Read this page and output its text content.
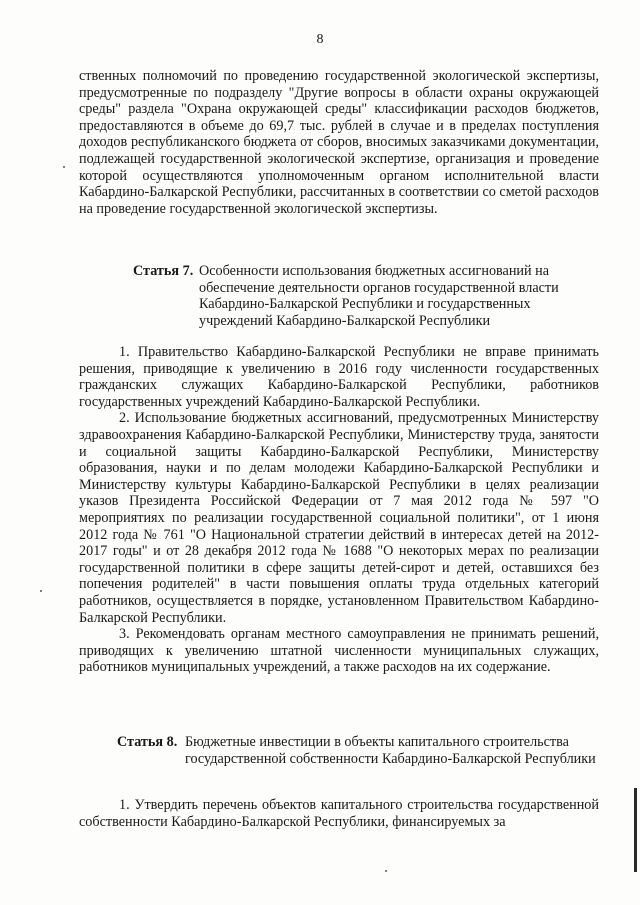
8

ственных полномочий по проведению государственной экологической экспертизы, предусмотренные по подразделу "Другие вопросы в области охраны окружающей среды" раздела "Охрана окружающей среды" классификации расходов бюджетов, предоставляются в объеме до 69,7 тыс. рублей в случае и в пределах поступления доходов республиканского бюджета от сборов, вносимых заказчиками документации, подлежащей государственной экологической экспертизе, организация и проведение которой осуществляются уполномоченным органом исполнительной власти Кабардино-Балкарской Республики, рассчитанных в соответствии со сметой расходов на проведение государственной экологической экспертизы.

Статья 7. Особенности использования бюджетных ассигнований на обеспечение деятельности органов государственной власти Кабардино-Балкарской Республики и государственных учреждений Кабардино-Балкарской Республики

1. Правительство Кабардино-Балкарской Республики не вправе принимать решения, приводящие к увеличению в 2016 году численности государственных гражданских служащих Кабардино-Балкарской Республики, работников государственных учреждений Кабардино-Балкарской Республики.

2. Использование бюджетных ассигнований, предусмотренных Министерству здравоохранения Кабардино-Балкарской Республики, Министерству труда, занятости и социальной защиты Кабардино-Балкарской Республики, Министерству образования, науки и по делам молодежи Кабардино-Балкарской Республики и Министерству культуры Кабардино-Балкарской Республики в целях реализации указов Президента Российской Федерации от 7 мая 2012 года № 597 "О мероприятиях по реализации государственной социальной политики", от 1 июня 2012 года № 761 "О Национальной стратегии действий в интересах детей на 2012-2017 годы" и от 28 декабря 2012 года № 1688 "О некоторых мерах по реализации государственной политики в сфере защиты детей-сирот и детей, оставшихся без попечения родителей" в части повышения оплаты труда отдельных категорий работников, осуществляется в порядке, установленном Правительством Кабардино-Балкарской Республики.

3. Рекомендовать органам местного самоуправления не принимать решений, приводящих к увеличению штатной численности муниципальных служащих, работников муниципальных учреждений, а также расходов на их содержание.

Статья 8. Бюджетные инвестиции в объекты капитального строительства государственной собственности Кабардино-Балкарской Республики

1. Утвердить перечень объектов капитального строительства государственной собственности Кабардино-Балкарской Республики, финансируемых за
